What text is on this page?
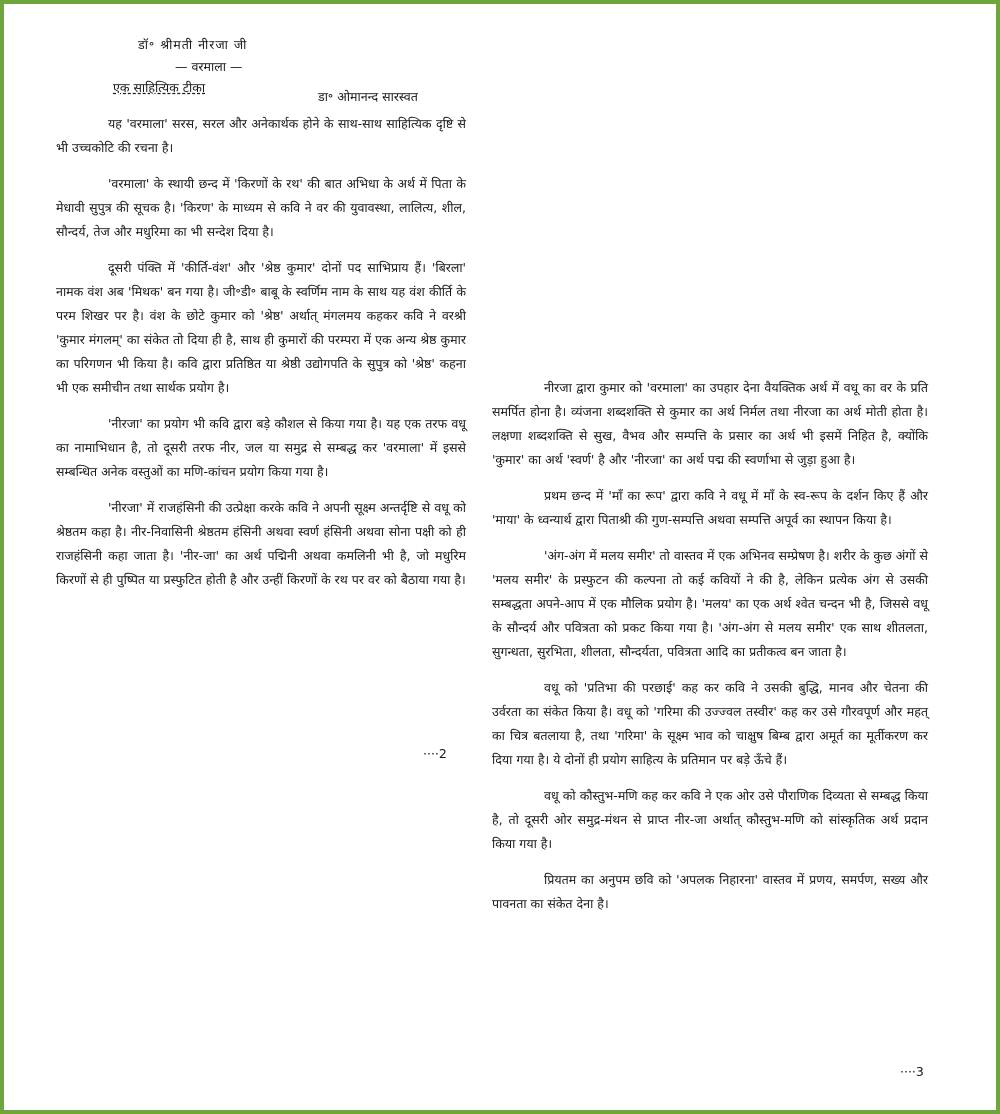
डॉ॰ श्रीमती नीरजा जी
— वरमाला —
एक साहित्यिक टीका
डा॰ ओमानन्द सारस्वत

यह 'वरमाला' सरस, सरल और अनेकार्थक होने के साथ-साथ साहित्यिक दृष्टि से भी उच्चकोटि की रचना है।

'वरमाला' के स्थायी छन्द में 'किरणों के रथ' की बात अभिधा के अर्थ में पिता के मेधावी सुपुत्र की सूचक है। 'किरण' के माध्यम से कवि ने वर की युवावस्था, लालित्य, शील, सौन्दर्य, तेज और मधुरिमा का भी सन्देश दिया है।

दूसरी पंक्ति में 'कीर्ति-वंश' और 'श्रेष्ठ कुमार' दोनों पद साभिप्राय हैं। 'बिरला' नामक वंश अब 'मिथक' बन गया है। जी॰डी॰ बाबू के स्वर्णिम नाम के साथ यह वंश कीर्ति के परम शिखर पर है। वंश के छोटे कुमार को 'श्रेष्ठ' अर्थात् मंगलमय कहकर कवि ने वरश्री 'कुमार मंगलम्' का संकेत तो दिया ही है, साथ ही कुमारों की परम्परा में एक अन्य श्रेष्ठ कुमार का परिगणन भी किया है। कवि द्वारा प्रतिष्ठित या श्रेष्ठी उद्योगपति के सुपुत्र को 'श्रेष्ठ' कहना भी एक समीचीन तथा सार्थक प्रयोग है।

'नीरजा' का प्रयोग भी कवि द्वारा बड़े कौशल से किया गया है। यह एक तरफ वधू का नामाभिधान है, तो दूसरी तरफ नीर, जल या समुद्र से सम्बद्ध कर 'वरमाला' में इससे सम्बन्धित अनेक वस्तुओं का मणि-कांचन प्रयोग किया गया है।

'नीरजा' में राजहंसिनी की उत्प्रेक्षा करके कवि ने अपनी सूक्ष्म अन्तर्दृष्टि से वधू को श्रेष्ठतम कहा है। नीर-निवासिनी श्रेष्ठतम हंसिनी अथवा स्वर्ण हंसिनी अथवा सोना पक्षी को ही राजहंसिनी कहा जाता है। 'नीर-जा' का अर्थ पद्मिनी अथवा कमलिनी भी है, जो मधुरिम किरणों से ही पुष्पित या प्रस्फुटित होती है और उन्हीं किरणों के रथ पर वर को बैठाया गया है।

····2

नीरजा द्वारा कुमार को 'वरमाला' का उपहार देना वैयक्तिक अर्थ में वधू का वर के प्रति समर्पित होना है। व्यंजना शब्दशक्ति से कुमार का अर्थ निर्मल तथा नीरजा का अर्थ मोती होता है। लक्षणा शब्दशक्ति से सुख, वैभव और सम्पत्ति के प्रसार का अर्थ भी इसमें निहित है, क्योंकि 'कुमार' का अर्थ 'स्वर्ण' है और 'नीरजा' का अर्थ पद्म की स्वर्णाभा से जुड़ा हुआ है।

प्रथम छन्द में 'माँ का रूप' द्वारा कवि ने वधू में माँ के स्व-रूप के दर्शन किए हैं और 'माया' के ध्वन्यार्थ द्वारा पिताश्री की गुण-सम्पत्ति अथवा सम्पत्ति अपूर्व का स्थापन किया है।

'अंग-अंग में मलय समीर' तो वास्तव में एक अभिनव सम्प्रेषण है। शरीर के कुछ अंगों से 'मलय समीर' के प्रस्फुटन की कल्पना तो कई कवियों ने की है, लेकिन प्रत्येक अंग से उसकी सम्बद्धता अपने-आप में एक मौलिक प्रयोग है। 'मलय' का एक अर्थ श्वेत चन्दन भी है, जिससे वधू के सौन्दर्य और पवित्रता को प्रकट किया गया है। 'अंग-अंग से मलय समीर' एक साथ शीतलता, सुगन्धता, सुरभिता, शीलता, सौन्दर्यता, पवित्रता आदि का प्रतीकत्व बन जाता है।

वधू को 'प्रतिभा की परछाई' कह कर कवि ने उसकी बुद्धि, मानव और चेतना की उर्वरता का संकेत किया है। वधू को 'गरिमा की उज्ज्वल तस्वीर' कह कर उसे गौरवपूर्ण और महत् का चित्र बतलाया है, तथा 'गरिमा' के सूक्ष्म भाव को चाक्षुष बिम्ब द्वारा अमूर्त का मूर्तीकरण कर दिया गया है। ये दोनों ही प्रयोग साहित्य के प्रतिमान पर बड़े ऊँचे हैं।

वधू को कौस्तुभ-मणि कह कर कवि ने एक ओर उसे पौराणिक दिव्यता से सम्बद्ध किया है, तो दूसरी ओर समुद्र-मंथन से प्राप्त नीर-जा अर्थात् कौस्तुभ-मणि को सांस्कृतिक अर्थ प्रदान किया गया है।

प्रियतम का अनुपम छवि को 'अपलक निहारना' वास्तव में प्रणय, समर्पण, सख्य और पावनता का संकेत देना है।

····3
